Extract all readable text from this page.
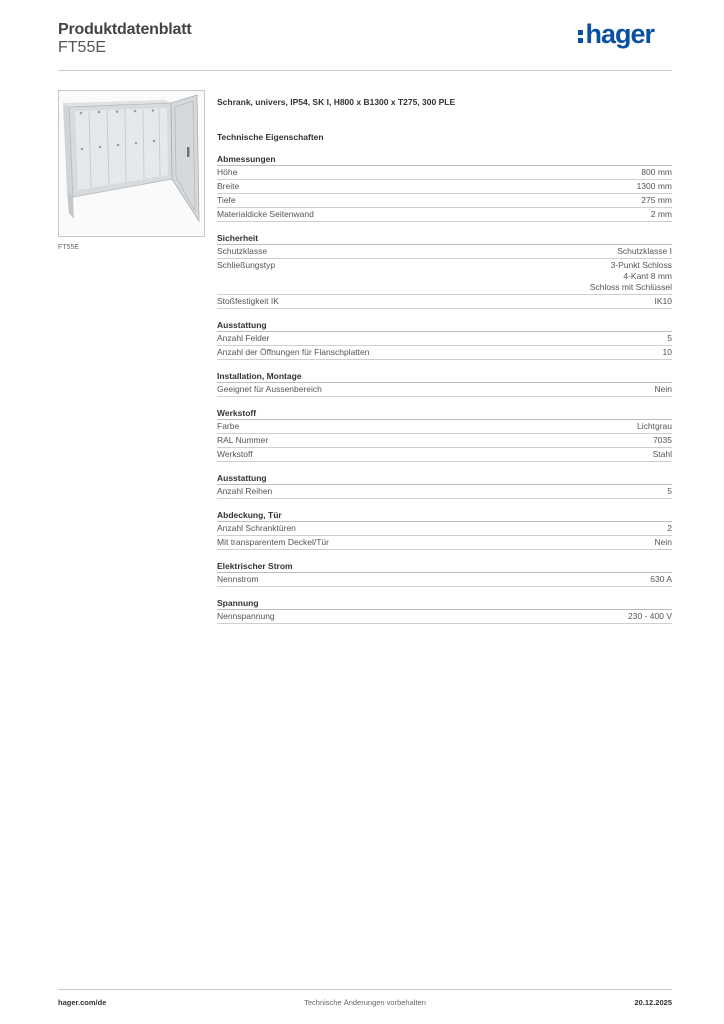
Produktdatenblatt
FT55E	hager
FT55E
Schrank, univers, IP54, SK I, H800 x B1300 x T275, 300 PLE
Technische Eigenschaften
Abmessungen
Höhe	800 mm
Breite	1300 mm
Tiefe	275 mm
Materialdicke Seitenwand	2 mm
Sicherheit
Schutzklasse	Schutzklasse I
Schließungstyp	3-Punkt Schloss
4-Kant 8 mm
Schloss mit Schlüssel
Stoßfestigkeit IK	IK10
Ausstattung
Anzahl Felder	5
Anzahl der Öffnungen für Flanschplatten	10
Installation, Montage
Geeignet für Aussenbereich	Nein
Werkstoff
Farbe	Lichtgrau
RAL Nummer	7035
Werkstoff	Stahl
Ausstattung
Anzahl Reihen	5
Abdeckung, Tür
Anzahl Schranktüren	2
Mit transparentem Deckel/Tür	Nein
Elektrischer Strom
Nennstrom	630 A
Spannung
Nennspannung	230 - 400 V
hager.com/de	Technische Änderungen vorbehalten	20.12.2025
